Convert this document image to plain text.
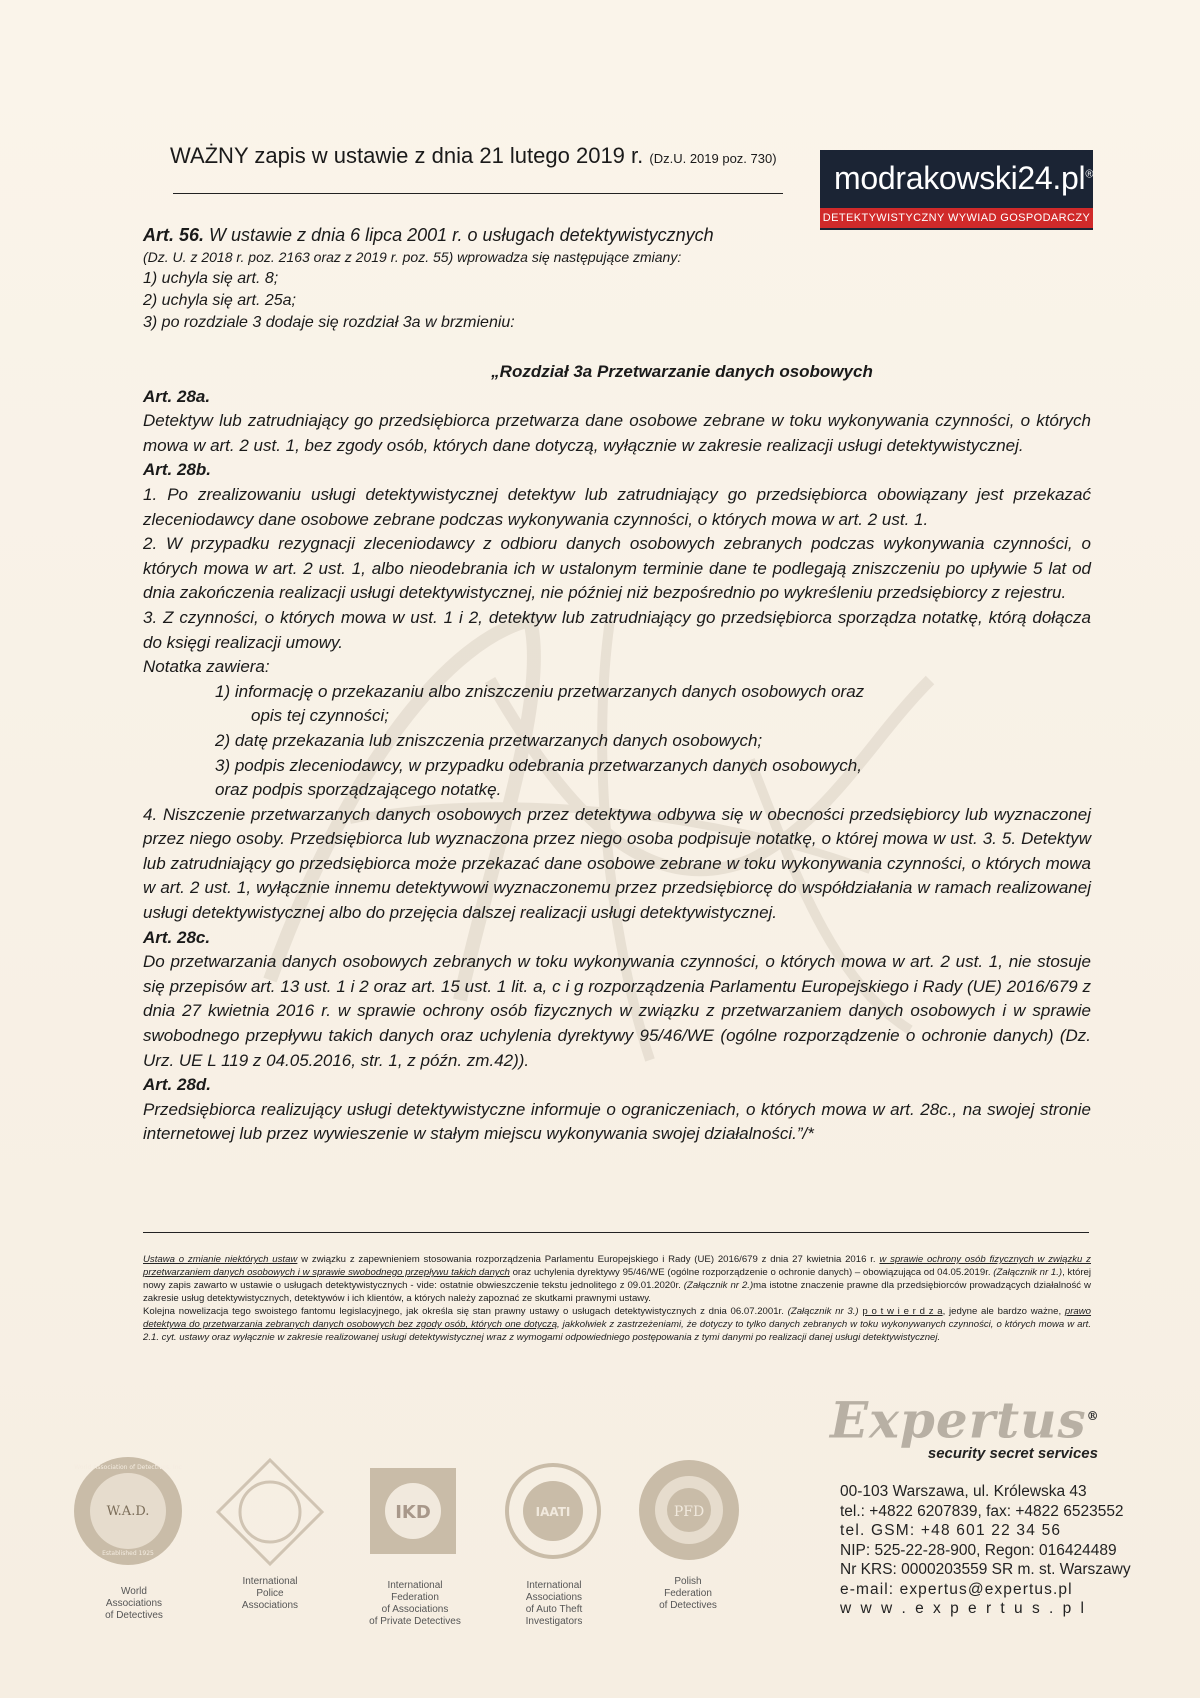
WAŻNY zapis w ustawie z dnia 21 lutego 2019 r. (Dz.U. 2019 poz. 730)
modrakowski24.pl®
DETEKTYWISTYCZNY WYWIAD GOSPODARCZY
Art. 56. W ustawie z dnia 6 lipca 2001 r. o usługach detektywistycznych
(Dz. U. z 2018 r. poz. 2163 oraz z 2019 r. poz. 55) wprowadza się następujące zmiany:
1) uchyla się art. 8;
2) uchyla się art. 25a;
3) po rozdziale 3 dodaje się rozdział 3a w brzmieniu:

„Rozdział 3a Przetwarzanie danych osobowych

Art. 28a.

Detektyw lub zatrudniający go przedsiębiorca przetwarza dane osobowe zebrane w toku wykonywania czynności, o których mowa w art. 2 ust. 1, bez zgody osób, których dane dotyczą, wyłącznie w zakresie realizacji usługi detektywistycznej.

Art. 28b.

1. Po zrealizowaniu usługi detektywistycznej detektyw lub zatrudniający go przedsiębiorca obowiązany jest przekazać zleceniodawcy dane osobowe zebrane podczas wykonywania czynności, o których mowa w art. 2 ust. 1.

2. W przypadku rezygnacji zleceniodawcy z odbioru danych osobowych zebranych podczas wykonywania czynności, o których mowa w art. 2 ust. 1, albo nieodebrania ich w ustalonym terminie dane te podlegają zniszczeniu po upływie 5 lat od dnia zakończenia realizacji usługi detektywistycznej, nie później niż bezpośrednio po wykreśleniu przedsiębiorcy z rejestru.

3. Z czynności, o których mowa w ust. 1 i 2, detektyw lub zatrudniający go przedsiębiorca sporządza notatkę, którą dołącza do księgi realizacji umowy.

Notatka zawiera:

1) informację o przekazaniu albo zniszczeniu przetwarzanych danych osobowych oraz

opis tej czynności;

2) datę przekazania lub zniszczenia przetwarzanych danych osobowych;

3) podpis zleceniodawcy, w przypadku odebrania przetwarzanych danych osobowych,

oraz podpis sporządzającego notatkę.

4. Niszczenie przetwarzanych danych osobowych przez detektywa odbywa się w obecności przedsiębiorcy lub wyznaczonej przez niego osoby. Przedsiębiorca lub wyznaczona przez niego osoba podpisuje notatkę, o której mowa w ust. 3. 5. Detektyw lub zatrudniający go przedsiębiorca może przekazać dane osobowe zebrane w toku wykonywania czynności, o których mowa w art. 2 ust. 1, wyłącznie innemu detektywowi wyznaczonemu przez przedsiębiorcę do współdziałania w ramach realizowanej usługi detektywistycznej albo do przejęcia dalszej realizacji usługi detektywistycznej.

Art. 28c.

Do przetwarzania danych osobowych zebranych w toku wykonywania czynności, o których mowa w art. 2 ust. 1, nie stosuje się przepisów art. 13 ust. 1 i 2 oraz art. 15 ust. 1 lit. a, c i g rozporządzenia Parlamentu Europejskiego i Rady (UE) 2016/679 z dnia 27 kwietnia 2016 r. w sprawie ochrony osób fizycznych w związku z przetwarzaniem danych osobowych i w sprawie swobodnego przepływu takich danych oraz uchylenia dyrektywy 95/46/WE (ogólne rozporządzenie o ochronie danych) (Dz. Urz. UE L 119 z 04.05.2016, str. 1, z późn. zm.42)).

Art. 28d.

Przedsiębiorca realizujący usługi detektywistyczne informuje o ograniczeniach, o których mowa w art. 28c., na swojej stronie internetowej lub przez wywieszenie w stałym miejscu wykonywania swojej działalności.”/*

Ustawa o zmianie niektórych ustaw w związku z zapewnieniem stosowania rozporządzenia Parlamentu Europejskiego i Rady (UE) 2016/679 z dnia 27 kwietnia 2016 r. w sprawie ochrony osób fizycznych w związku z przetwarzaniem danych osobowych i w sprawie swobodnego przepływu takich danych oraz uchylenia dyrektywy 95/46/WE (ogólne rozporządzenie o ochronie danych) – obowiązująca od 04.05.2019r. (Załącznik nr 1.), której nowy zapis zawarto w ustawie o usługach detektywistycznych - vide: ostatnie obwieszczenie tekstu jednolitego z 09.01.2020r. (Załącznik nr 2.)ma istotne znaczenie prawne dla przedsiębiorców prowadzących działalność w zakresie usług detektywistycznych, detektywów i ich klientów, a których należy zapoznać ze skutkami prawnymi ustawy.

Kolejna nowelizacja tego swoistego fantomu legislacyjnego, jak określa się stan prawny ustawy o usługach detektywistycznych z dnia 06.07.2001r. (Załącznik nr 3.) p o t w i e r d z a, jedyne ale bardzo ważne, prawo detektywa do przetwarzania zebranych danych osobowych bez zgody osób, których one dotyczą, jakkolwiek z zastrzeżeniami, że dotyczy to tylko danych zebranych w toku wykonywanych czynności, o których mowa w art. 2.1. cyt. ustawy oraz wyłącznie w zakresie realizowanej usługi detektywistycznej wraz z wymogami odpowiedniego postępowania z tymi danymi po realizacji danej usługi detektywistycznej.

Expertus®
security secret services
00-103 Warszawa, ul. Królewska 43
tel.: +4822 6207839, fax: +4822 6523552
tel. GSM: +48 601 22 34 56
NIP: 525-22-28-900, Regon: 016424489
Nr KRS: 0000203559 SR m. st. Warszawy
e-mail: expertus@expertus.pl
w w w . e x p e r t u s . p l
W.A.D.
Established 1925
World Association of Detectives, Inc
World
Associations
of Detectives
International
Police
Associations
IKD
International
Federation
of Associations
of Private Detectives
IAATI
International
Associations
of Auto Theft
Investigators
PFD
Polish
Federation
of Detectives
